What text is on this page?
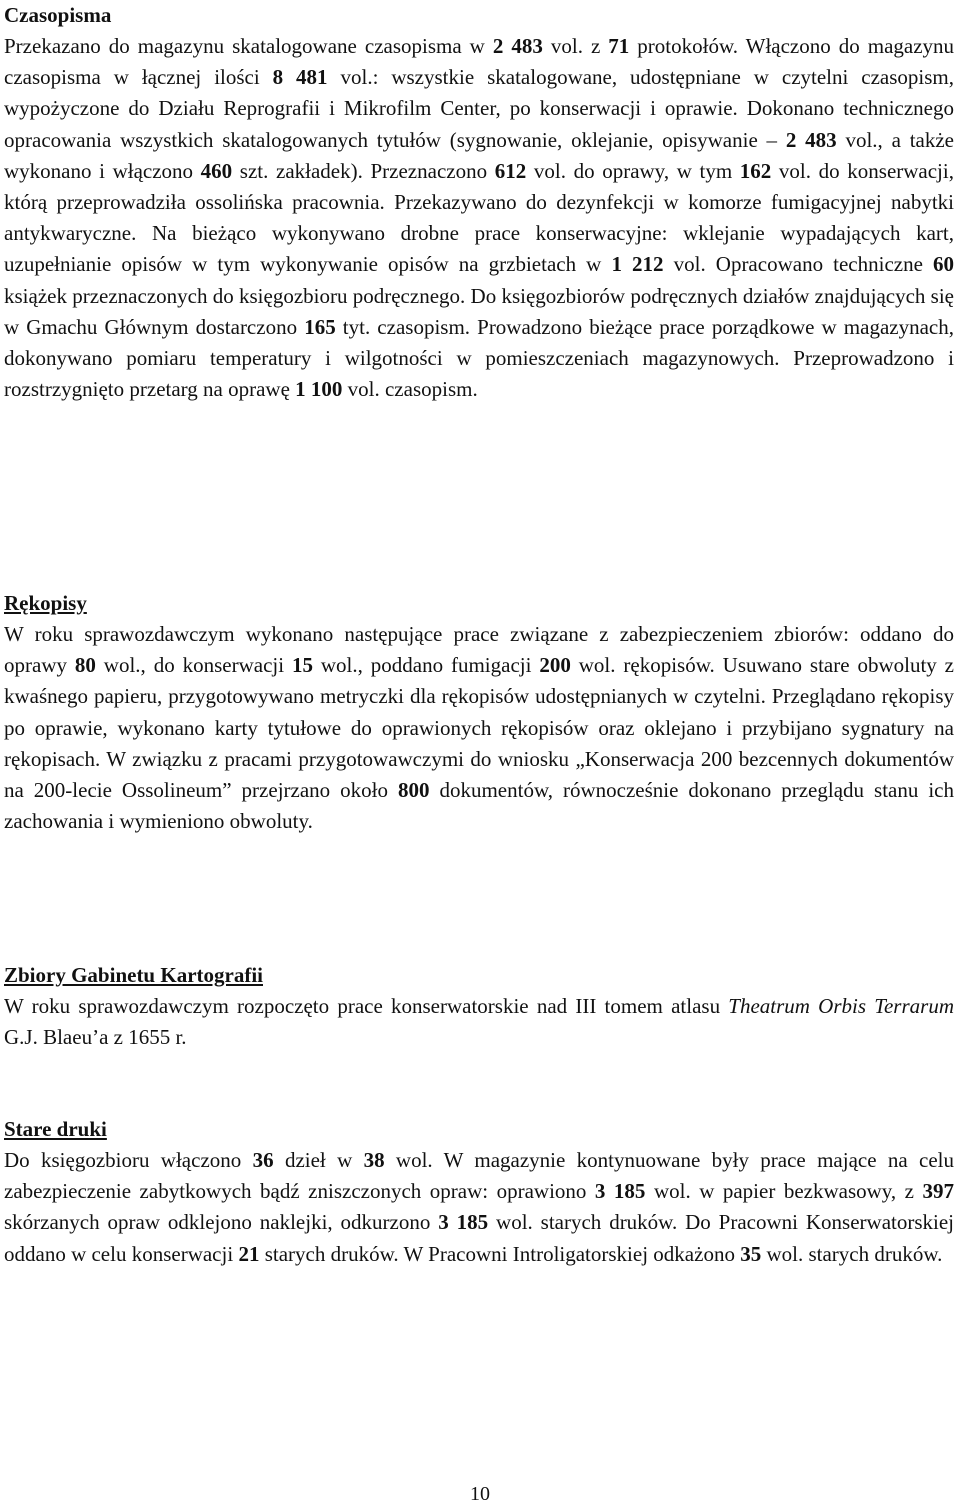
Czasopisma

Przekazano do magazynu skatalogowane czasopisma w 2 483 vol. z 71 protokołów. Włączono do magazynu czasopisma w łącznej ilości 8 481 vol.: wszystkie skatalogowane, udostępniane w czytelni czasopism, wypożyczone do Działu Reprografii i Mikrofilm Center, po konserwacji i oprawie. Dokonano technicznego opracowania wszystkich skatalogowanych tytułów (sygnowanie, oklejanie, opisywanie – 2 483 vol., a także wykonano i włączono 460 szt. zakładek). Przeznaczono 612 vol. do oprawy, w tym 162 vol. do konserwacji, którą przeprowadziła ossolińska pracownia. Przekazywano do dezynfekcji w komorze fumigacyjnej nabytki antykwaryczne. Na bieżąco wykonywano drobne prace konserwacyjne: wklejanie wypadających kart, uzupełnianie opisów w tym wykonywanie opisów na grzbietach w 1 212 vol. Opracowano techniczne 60 książek przeznaczonych do księgozbioru podręcznego. Do księgozbiorów podręcznych działów znajdujących się w Gmachu Głównym dostarczono 165 tyt. czasopism. Prowadzono bieżące prace porządkowe w magazynach, dokonywano pomiaru temperatury i wilgotności w pomieszczeniach magazynowych. Przeprowadzono i rozstrzygnięto przetarg na oprawę 1 100 vol. czasopism.

Rękopisy

W roku sprawozdawczym wykonano następujące prace związane z zabezpieczeniem zbiorów: oddano do oprawy 80 wol., do konserwacji 15 wol., poddano fumigacji 200 wol. rękopisów. Usuwano stare obwoluty z kwaśnego papieru, przygotowywano metryczki dla rękopisów udostępnianych w czytelni. Przeglądano rękopisy po oprawie, wykonano karty tytułowe do oprawionych rękopisów oraz oklejano i przybijano sygnatury na rękopisach. W związku z pracami przygotowawczymi do wniosku „Konserwacja 200 bezcennych dokumentów na 200-lecie Ossolineum” przejrzano około 800 dokumentów, równocześnie dokonano przeglądu stanu ich zachowania i wymieniono obwoluty.

Zbiory Gabinetu Kartografii

W roku sprawozdawczym rozpoczęto prace konserwatorskie nad III tomem atlasu Theatrum Orbis Terrarum G.J. Blaeu’a z 1655 r.

Stare druki

Do księgozbioru włączono 36 dzieł w 38 wol. W magazynie kontynuowane były prace mające na celu zabezpieczenie zabytkowych bądź zniszczonych opraw: oprawiono 3 185 wol. w papier bezkwasowy, z 397 skórzanych opraw odklejono naklejki, odkurzono 3 185 wol. starych druków. Do Pracowni Konserwatorskiej oddano w celu konserwacji 21 starych druków. W Pracowni Introligatorskiej odkażono 35 wol. starych druków.

10
